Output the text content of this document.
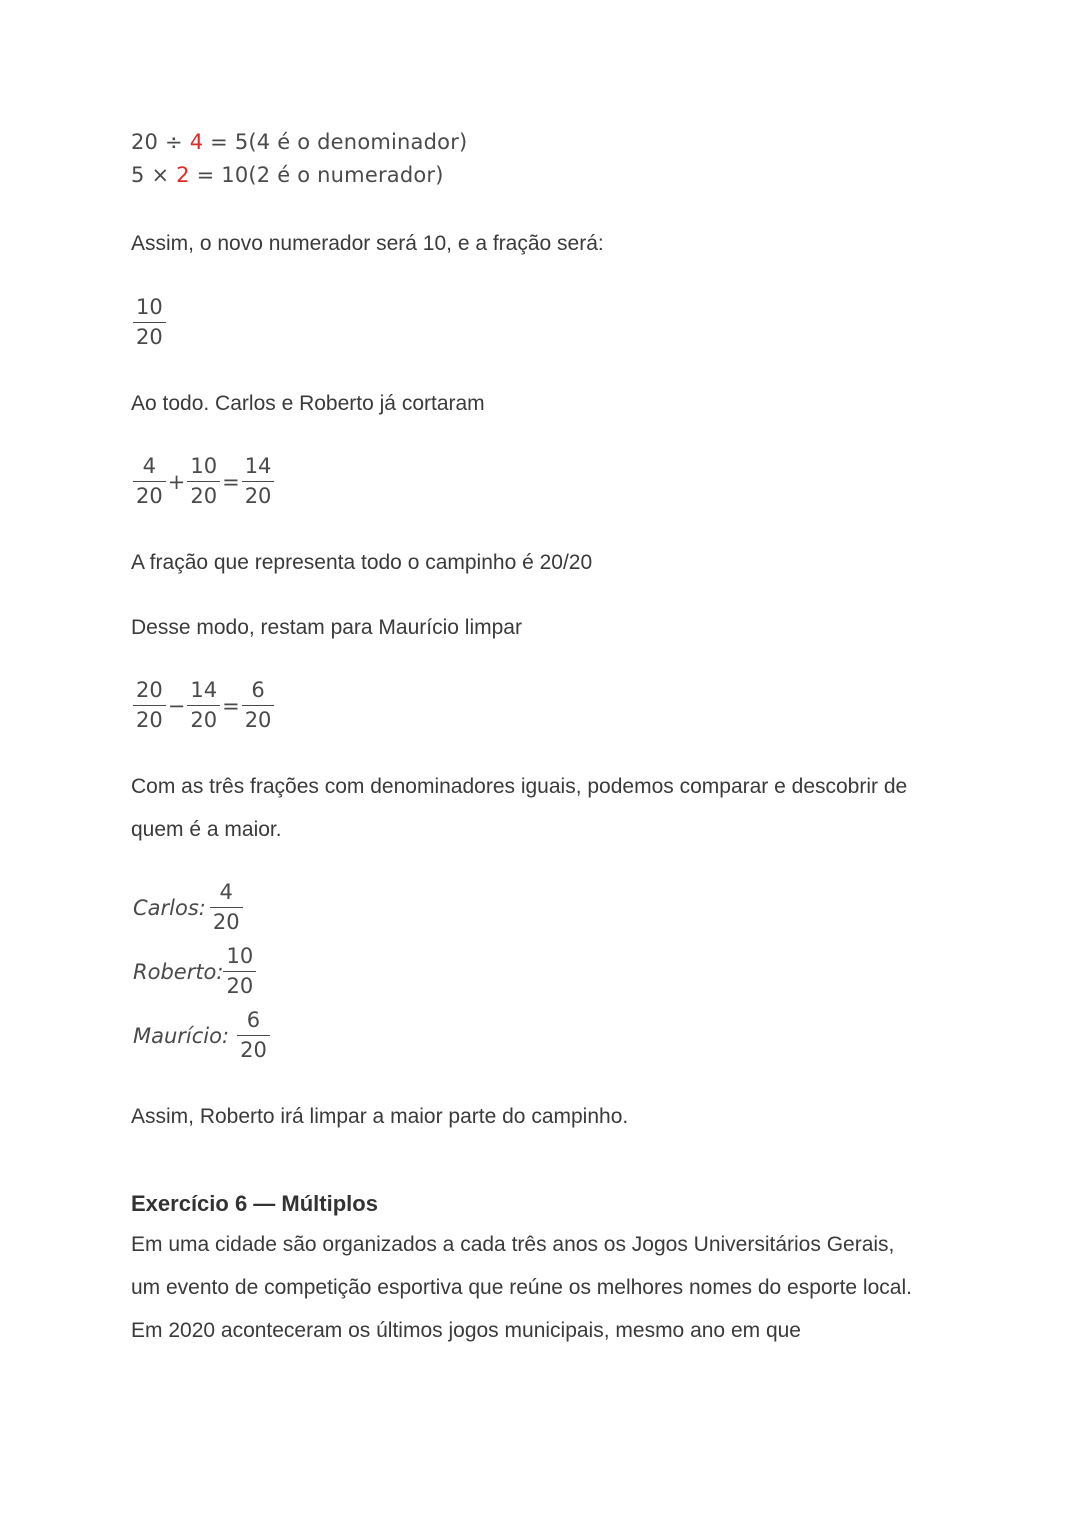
20 ÷ 4 = 5(4 é o denominador)
5 × 2 = 10(2 é o numerador)
Assim, o novo numerador será 10, e a fração será:
$\frac{10}{20}$
Ao todo. Carlos e Roberto já cortaram
$\frac{4}{20} + \frac{10}{20} = \frac{14}{20}$
A fração que representa todo o campinho é 20/20
Desse modo, restam para Maurício limpar
$\frac{20}{20} - \frac{14}{20} = \frac{6}{20}$
Com as três frações com denominadores iguais, podemos comparar e descobrir de
quem é a maior.
Carlos: $\frac{4}{20}$
Roberto: $\frac{10}{20}$
Maurício: $\frac{6}{20}$
Assim, Roberto irá limpar a maior parte do campinho.
Exercício 6 — Múltiplos
Em uma cidade são organizados a cada três anos os Jogos Universitários Gerais,
um evento de competição esportiva que reúne os melhores nomes do esporte local.
Em 2020 aconteceram os últimos jogos municipais, mesmo ano em que
